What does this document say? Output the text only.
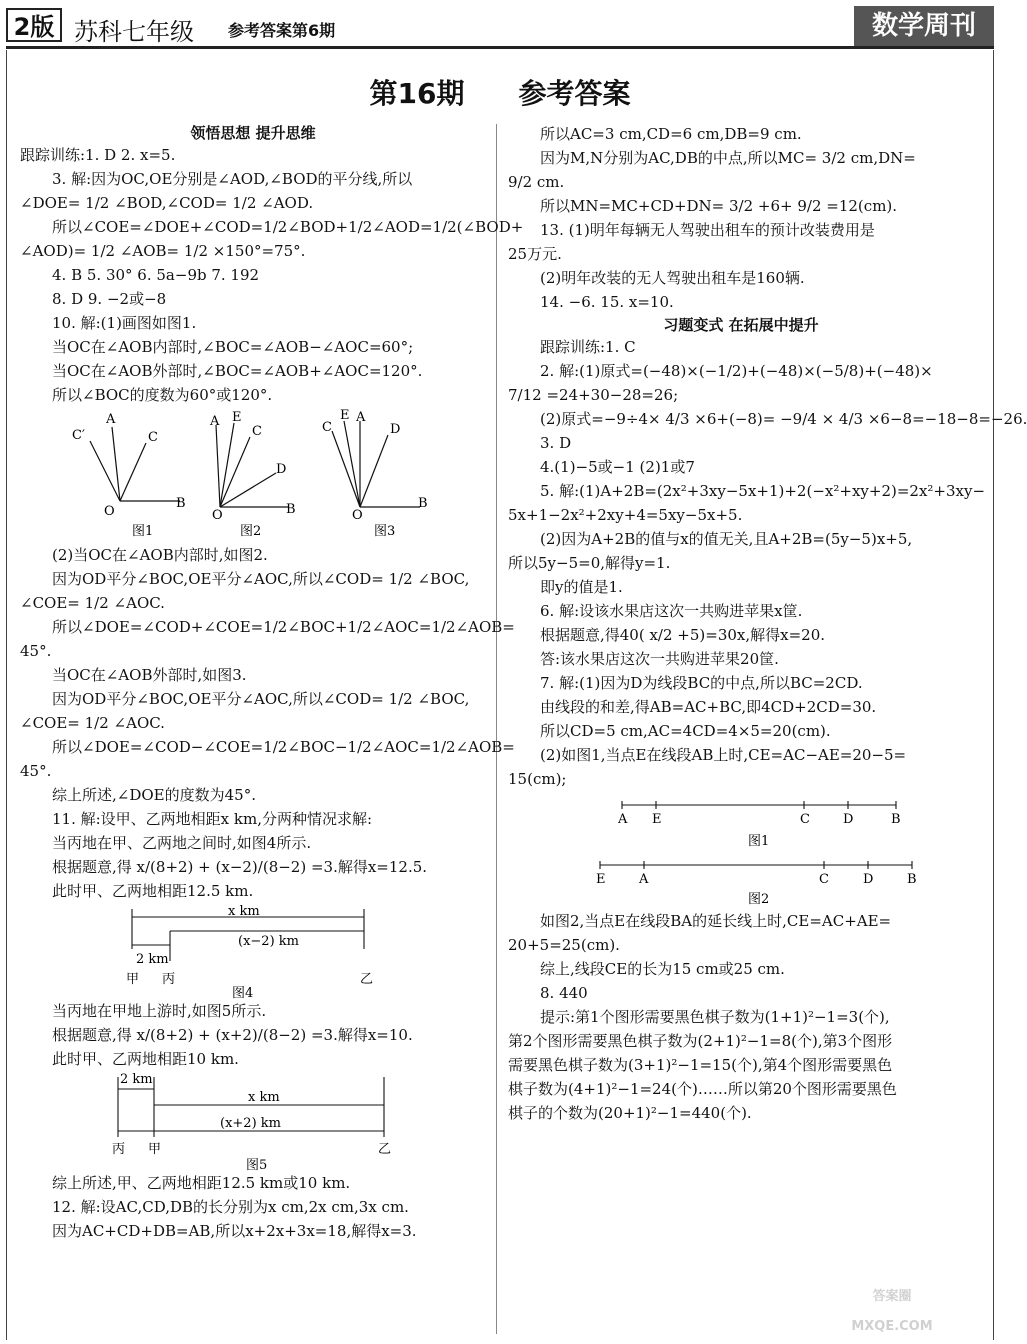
2版 苏科七年级 参考答案第6期	数学周刊
第16期 参考答案
领悟思想 提升思维
跟踪训练:1. D 2. x=5.
3. 解:因为OC,OE分别是∠AOD,∠BOD的平分线,所以
∠DOE= 1/2 ∠BOD,∠COD= 1/2 ∠AOD.
所以∠COE=∠DOE+∠COD=1/2∠BOD+1/2∠AOD=1/2(∠BOD+
∠AOD)= 1/2 ∠AOB= 1/2 ×150°=75°.
4. B 5. 30° 6. 5a−9b 7. 192
8. D 9. −2或−8
10. 解:(1)画图如图1.
当OC在∠AOB内部时,∠BOC=∠AOB−∠AOC=60°;
当OC在∠AOB外部时,∠BOC=∠AOB+∠AOC=120°.
所以∠BOC的度数为60°或120°.
A
C
C′
O
B
A E
C
D
O	B
C
E A
D
O
B
图1	图2	图3
(2)当OC在∠AOB内部时,如图2.
因为OD平分∠BOC,OE平分∠AOC,所以∠COD= 1/2 ∠BOC,
∠COE= 1/2 ∠AOC.
所以∠DOE=∠COD+∠COE=1/2∠BOC+1/2∠AOC=1/2∠AOB=
45°.
当OC在∠AOB外部时,如图3.
因为OD平分∠BOC,OE平分∠AOC,所以∠COD= 1/2 ∠BOC,
∠COE= 1/2 ∠AOC.
所以∠DOE=∠COD−∠COE=1/2∠BOC−1/2∠AOC=1/2∠AOB=
45°.
综上所述,∠DOE的度数为45°.
11. 解:设甲、乙两地相距x km,分两种情况求解:
当丙地在甲、乙两地之间时,如图4所示.
根据题意,得 x/(8+2) + (x−2)/(8−2) =3.解得x=12.5.
此时甲、乙两地相距12.5 km.
x km
(x−2) km
2 km
甲 丙	乙
图4
当丙地在甲地上游时,如图5所示.
根据题意,得 x/(8+2) + (x+2)/(8−2) =3.解得x=10.
此时甲、乙两地相距10 km.
2 km
x km
(x+2) km
丙 甲	乙
图5
综上所述,甲、乙两地相距12.5 km或10 km.
12. 解:设AC,CD,DB的长分别为x cm,2x cm,3x cm.
因为AC+CD+DB=AB,所以x+2x+3x=18,解得x=3.
所以AC=3 cm,CD=6 cm,DB=9 cm.
因为M,N分别为AC,DB的中点,所以MC= 3/2 cm,DN=
9/2 cm.
所以MN=MC+CD+DN= 3/2 +6+ 9/2 =12(cm).
13. (1)明年每辆无人驾驶出租车的预计改装费用是
25万元.
(2)明年改装的无人驾驶出租车是160辆.
14. −6. 15. x=10.
习题变式 在拓展中提升
跟踪训练:1. C
2. 解:(1)原式=(−48)×(−1/2)+(−48)×(−5/8)+(−48)×
7/12 =24+30−28=26;
(2)原式=−9÷4× 4/3 ×6+(−8)= −9/4 × 4/3 ×6−8=−18−8=−26.
3. D
4.(1)−5或−1 (2)1或7
5. 解:(1)A+2B=(2x²+3xy−5x+1)+2(−x²+xy+2)=2x²+3xy−
5x+1−2x²+2xy+4=5xy−5x+5.
(2)因为A+2B的值与x的值无关,且A+2B=(5y−5)x+5,
所以5y−5=0,解得y=1.
即y的值是1.
6. 解:设该水果店这次一共购进苹果x筐.
根据题意,得40( x/2 +5)=30x,解得x=20.
答:该水果店这次一共购进苹果20筐.
7. 解:(1)因为D为线段BC的中点,所以BC=2CD.
由线段的和差,得AB=AC+BC,即4CD+2CD=30.
所以CD=5 cm,AC=4CD=4×5=20(cm).
(2)如图1,当点E在线段AB上时,CE=AC−AE=20−5=
15(cm);
A E	C	D	B
图1
E	A	C	D	B
图2
如图2,当点E在线段BA的延长线上时,CE=AC+AE=
20+5=25(cm).
综上,线段CE的长为15 cm或25 cm.
8. 440
提示:第1个图形需要黑色棋子数为(1+1)²−1=3(个),
第2个图形需要黑色棋子数为(2+1)²−1=8(个),第3个图形
需要黑色棋子数为(3+1)²−1=15(个),第4个图形需要黑色
棋子数为(4+1)²−1=24(个)……所以第20个图形需要黑色
棋子的个数为(20+1)²−1=440(个).
答案圈
MXQE.COM
